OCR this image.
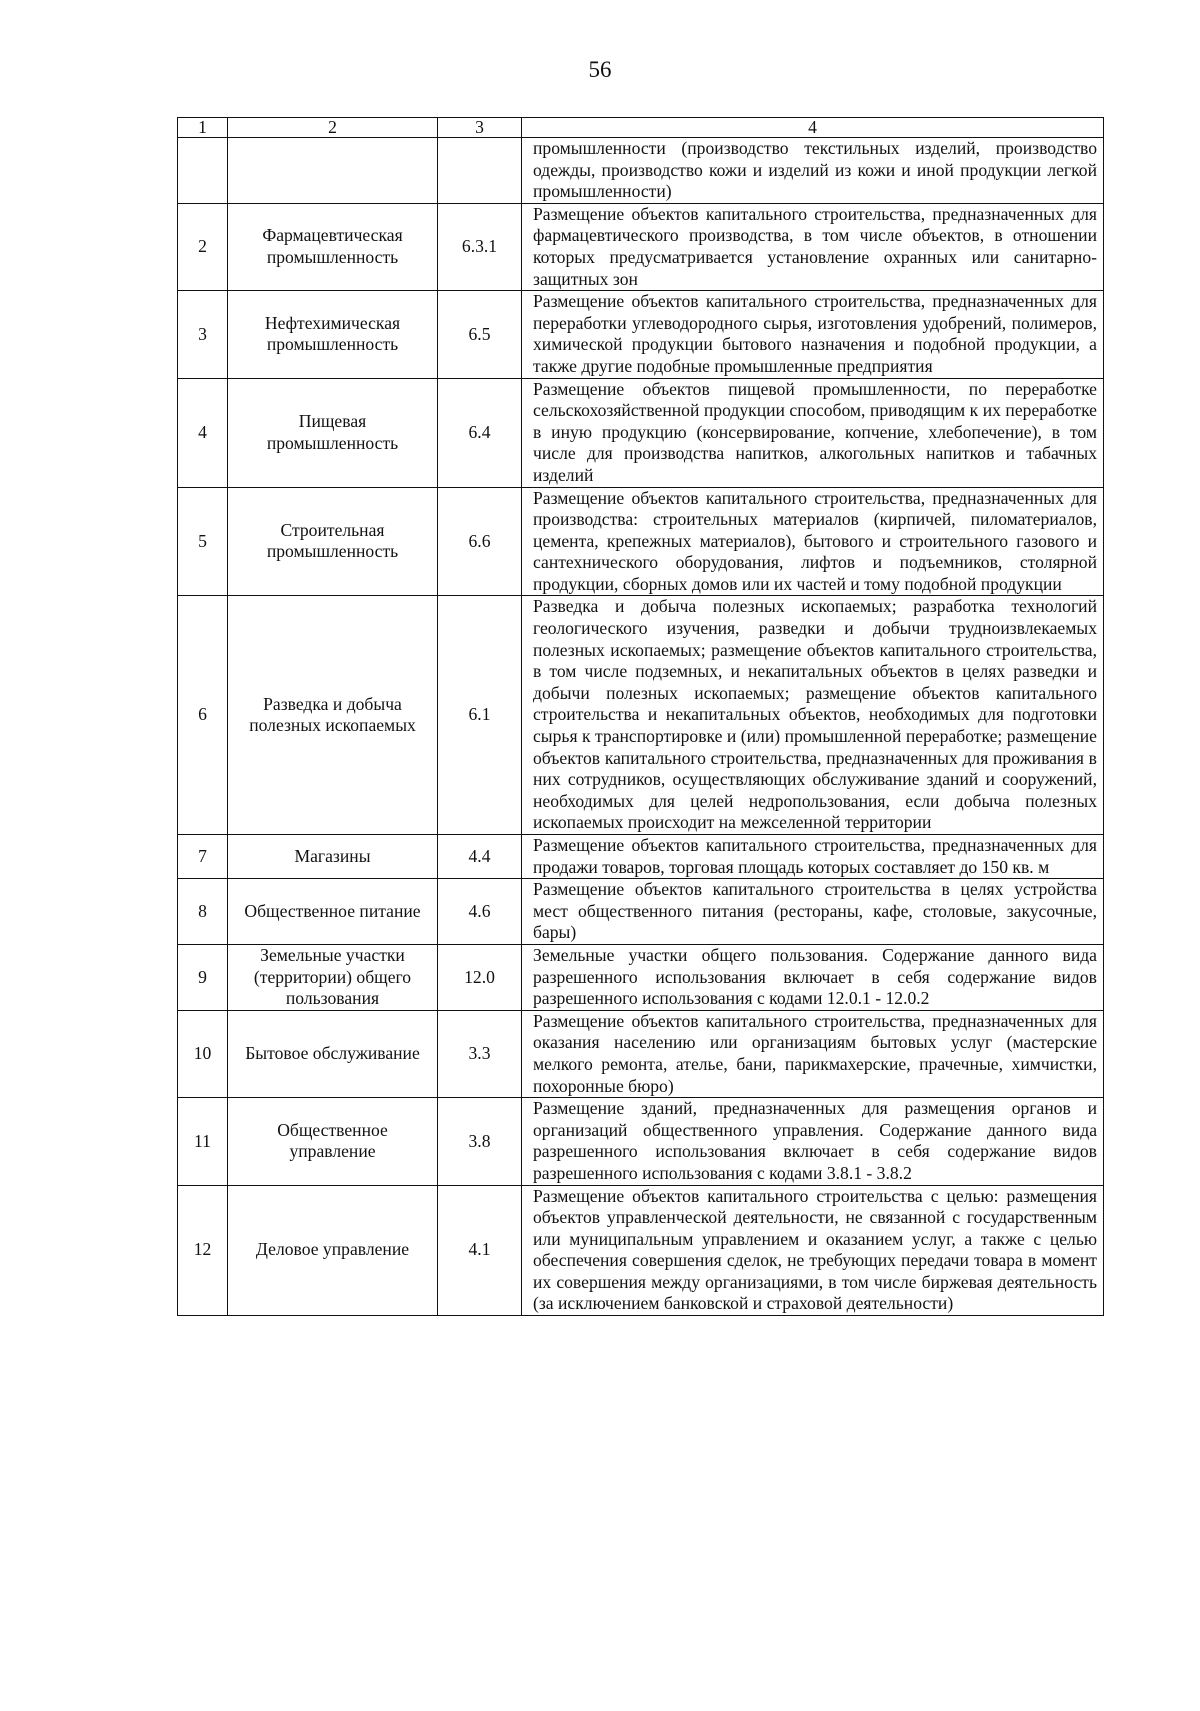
56
1	2	3	4
			промышленности (производство текстильных изделий, производство одежды, производство кожи и изделий из кожи и иной продукции легкой промышленности)
2	Фармацевтическая промышленность	6.3.1	Размещение объектов капитального строительства, предназначенных для фармацевтического производства, в том числе объектов, в отношении которых предусматривается установление охранных или санитарно-защитных зон
3	Нефтехимическая промышленность	6.5	Размещение объектов капитального строительства, предназначенных для переработки углеводородного сырья, изготовления удобрений, полимеров, химической продукции бытового назначения и подобной продукции, а также другие подобные промышленные предприятия
4	Пищевая промышленность	6.4	Размещение объектов пищевой промышленности, по переработке сельскохозяйственной продукции способом, приводящим к их переработке в иную продукцию (консервирование, копчение, хлебопечение), в том числе для производства напитков, алкогольных напитков и табачных изделий
5	Строительная промышленность	6.6	Размещение объектов капитального строительства, предназначенных для производства: строительных материалов (кирпичей, пиломатериалов, цемента, крепежных материалов), бытового и строительного газового и сантехнического оборудования, лифтов и подъемников, столярной продукции, сборных домов или их частей и тому подобной продукции
6	Разведка и добыча полезных ископаемых	6.1	Разведка и добыча полезных ископаемых; разработка технологий геологического изучения, разведки и добычи трудноизвлекаемых полезных ископаемых; размещение объектов капитального строительства, в том числе подземных, и некапитальных объектов в целях разведки и добычи полезных ископаемых; размещение объектов капитального строительства и некапитальных объектов, необходимых для подготовки сырья к транспортировке и (или) промышленной переработке; размещение объектов капитального строительства, предназначенных для проживания в них сотрудников, осуществляющих обслуживание зданий и сооружений, необходимых для целей недропользования, если добыча полезных ископаемых происходит на межселенной территории
7	Магазины	4.4	Размещение объектов капитального строительства, предназначенных для продажи товаров, торговая площадь которых составляет до 150 кв. м
8	Общественное питание	4.6	Размещение объектов капитального строительства в целях устройства мест общественного питания (рестораны, кафе, столовые, закусочные, бары)
9	Земельные участки (территории) общего пользования	12.0	Земельные участки общего пользования. Содержание данного вида разрешенного использования включает в себя содержание видов разрешенного использования с кодами 12.0.1 - 12.0.2
10	Бытовое обслуживание	3.3	Размещение объектов капитального строительства, предназначенных для оказания населению или организациям бытовых услуг (мастерские мелкого ремонта, ателье, бани, парикмахерские, прачечные, химчистки, похоронные бюро)
11	Общественное управление	3.8	Размещение зданий, предназначенных для размещения органов и организаций общественного управления. Содержание данного вида разрешенного использования включает в себя содержание видов разрешенного использования с кодами 3.8.1 - 3.8.2
12	Деловое управление	4.1	Размещение объектов капитального строительства с целью: размещения объектов управленческой деятельности, не связанной с государственным или муниципальным управлением и оказанием услуг, а также с целью обеспечения совершения сделок, не требующих передачи товара в момент их совершения между организациями, в том числе биржевая деятельность (за исключением банковской и страховой деятельности)
